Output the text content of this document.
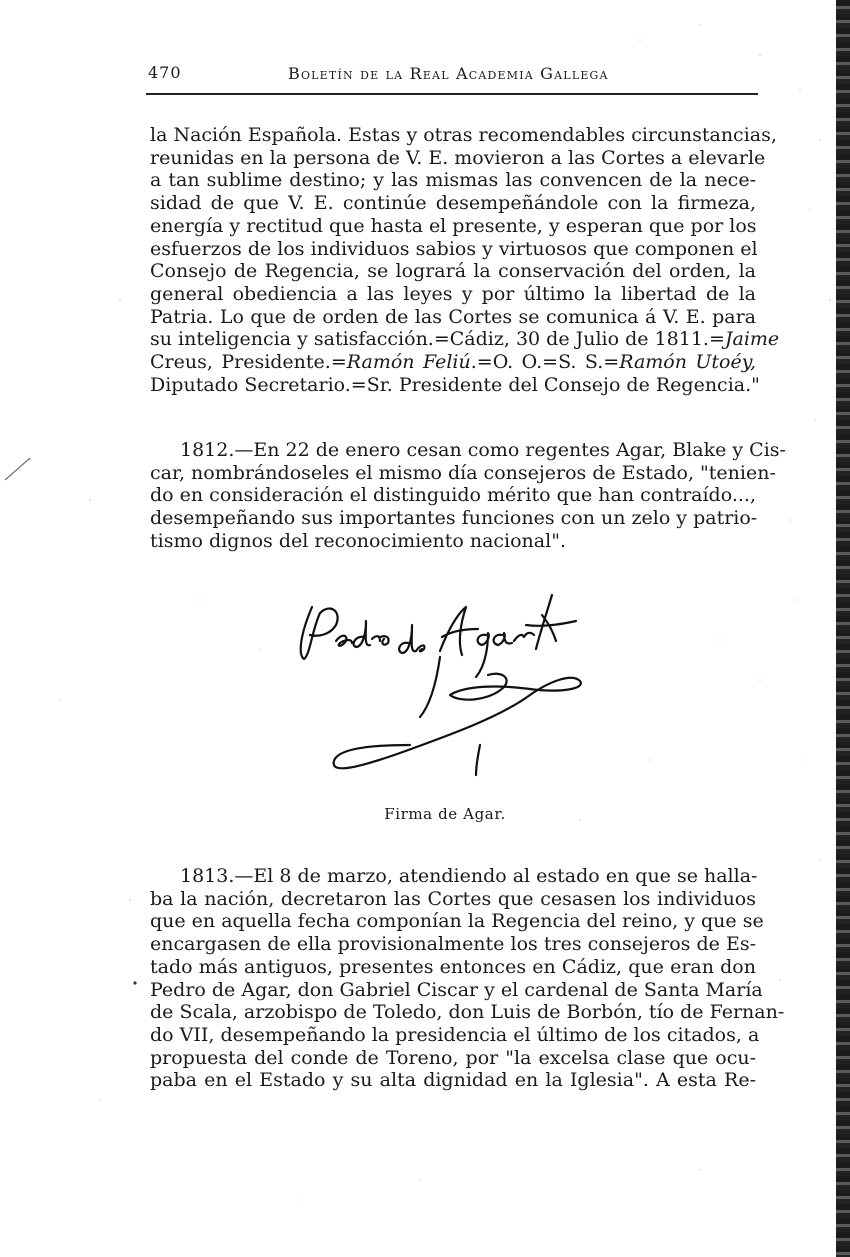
470	Boletín de la Real Academia Gallega
la Nación Española. Estas y otras recomendables circunstancias,
reunidas en la persona de V. E. movieron a las Cortes a elevarle
a tan sublime destino; y las mismas las convencen de la nece-
sidad de que V. E. continúe desempeñándole con la firmeza,
energía y rectitud que hasta el presente, y esperan que por los
esfuerzos de los individuos sabios y virtuosos que componen el
Consejo de Regencia, se logrará la conservación del orden, la
general obediencia a las leyes y por último la libertad de la
Patria. Lo que de orden de las Cortes se comunica á V. E. para
su inteligencia y satisfacción.=Cádiz, 30 de Julio de 1811.=Jaime
Creus, Presidente.=Ramón Feliú.=O. O.=S. S.=Ramón Utoéy,
Diputado Secretario.=Sr. Presidente del Consejo de Regencia."
1812.—En 22 de enero cesan como regentes Agar, Blake y Cis-
car, nombrándoseles el mismo día consejeros de Estado, "tenien-
do en consideración el distinguido mérito que han contraído...,
desempeñando sus importantes funciones con un zelo y patrio-
tismo dignos del reconocimiento nacional".
Firma de Agar.
1813.—El 8 de marzo, atendiendo al estado en que se halla-
ba la nación, decretaron las Cortes que cesasen los individuos
que en aquella fecha componían la Regencia del reino, y que se
encargasen de ella provisionalmente los tres consejeros de Es-
tado más antiguos, presentes entonces en Cádiz, que eran don
Pedro de Agar, don Gabriel Ciscar y el cardenal de Santa María
de Scala, arzobispo de Toledo, don Luis de Borbón, tío de Fernan-
do VII, desempeñando la presidencia el último de los citados, a
propuesta del conde de Toreno, por "la excelsa clase que ocu-
paba en el Estado y su alta dignidad en la Iglesia". A esta Re-
